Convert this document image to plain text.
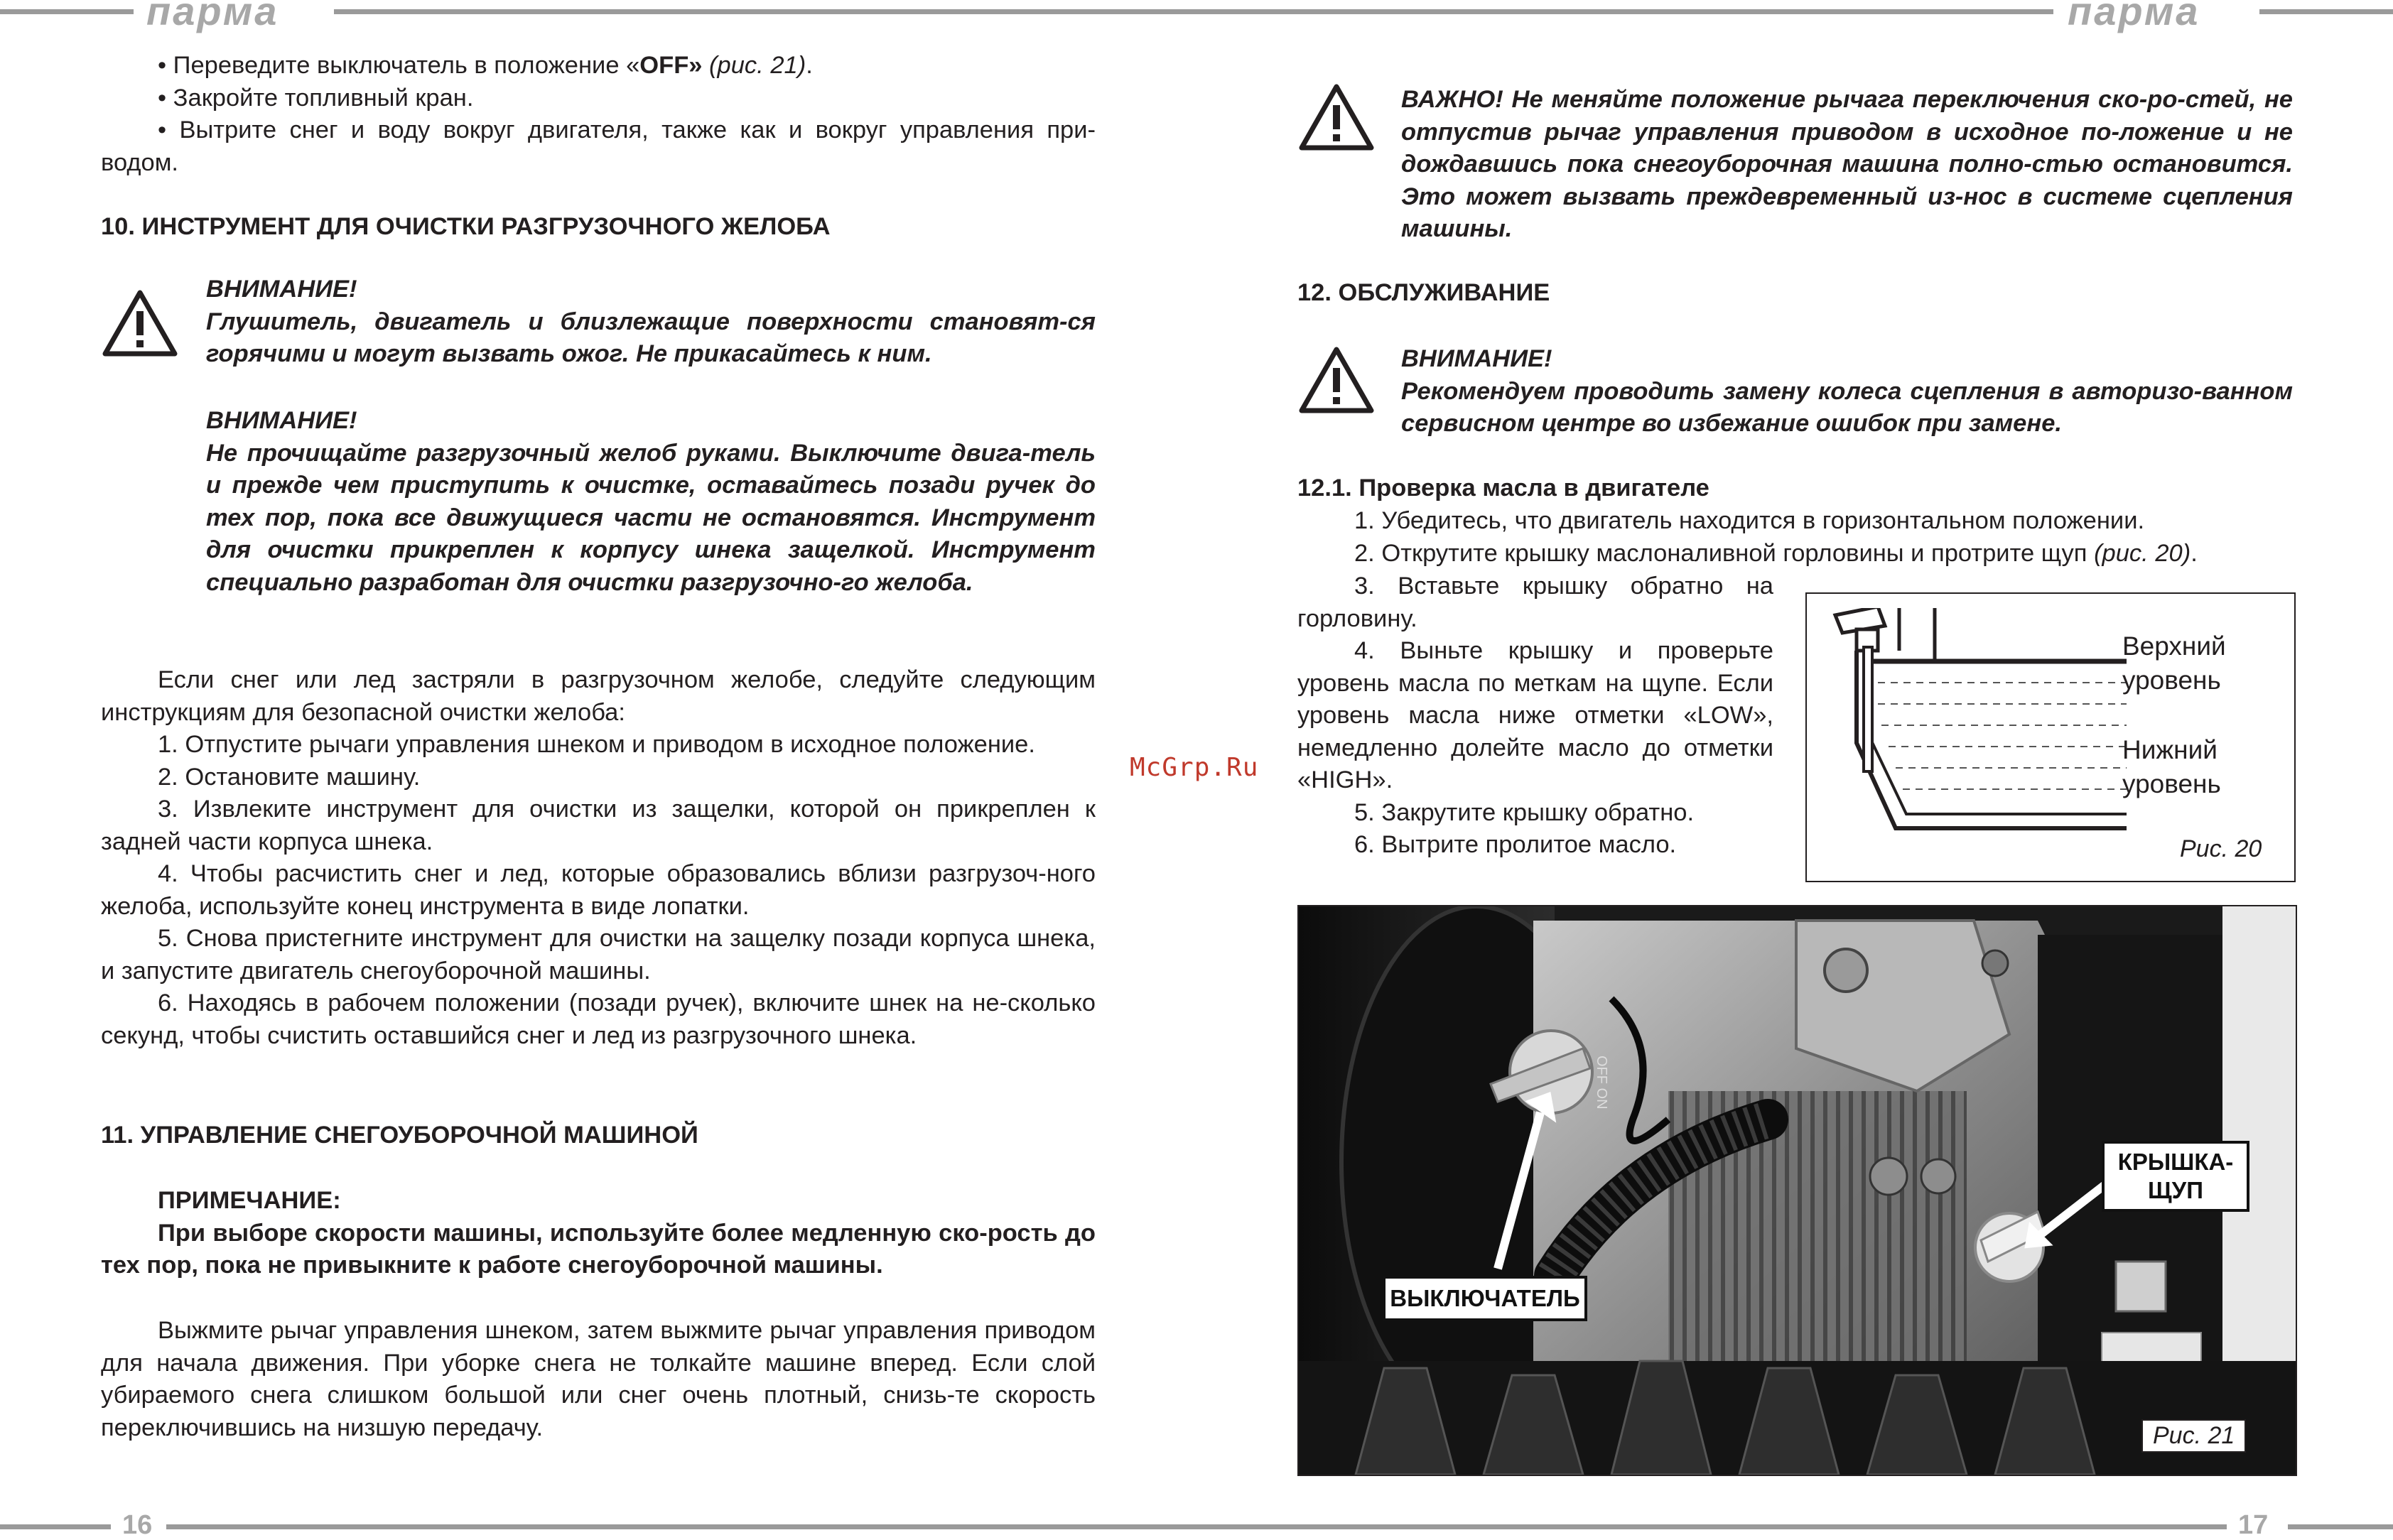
парма	парма
16	17

• Переведите выключатель в положение «OFF» (рис. 21).

• Закройте топливный кран.

• Вытрите снег и воду вокруг двигателя, также как и вокруг управления при-водом.

10. ИНСТРУМЕНТ ДЛЯ ОЧИСТКИ РАЗГРУЗОЧНОГО ЖЕЛОБА

ВНИМАНИЕ!

Глушитель, двигатель и близлежащие поверхности становят-ся горячими и могут вызвать ожог. Не прикасайтесь к ним.

ВНИМАНИЕ!

Не прочищайте разгрузочный желоб руками. Выключите двига-тель и прежде чем приступить к очистке, оставайтесь позади ручек до тех пор, пока все движущиеся части не остановятся. Инструмент для очистки прикреплен к корпусу шнека защелкой. Инструмент специально разработан для очистки разгрузочно-го желоба.

Если снег или лед застряли в разгрузочном желобе, следуйте следующим инструкциям для безопасной очистки желоба:

1. Отпустите рычаги управления шнеком и приводом в исходное положение.

2. Остановите машину.

3. Извлеките инструмент для очистки из защелки, которой он прикреплен к задней части корпуса шнека.

4. Чтобы расчистить снег и лед, которые образовались вблизи разгрузоч-ного желоба, используйте конец инструмента в виде лопатки.

5. Снова пристегните инструмент для очистки на защелку позади корпуса шнека, и запустите двигатель снегоуборочной машины.

6. Находясь в рабочем положении (позади ручек), включите шнек на не-сколько секунд, чтобы счистить оставшийся снег и лед из разгрузочного шнека.

11. УПРАВЛЕНИЕ СНЕГОУБОРОЧНОЙ МАШИНОЙ

ПРИМЕЧАНИЕ:

При выборе скорости машины, используйте более медленную ско-рость до тех пор, пока не привыкните к работе снегоуборочной машины.

Выжмите рычаг управления шнеком, затем выжмите рычаг управления приводом для начала движения. При уборке снега не толкайте машине вперед. Если слой убираемого снега слишком большой или снег очень плотный, снизь-те скорость переключившись на низшую передачу.

ВАЖНО! Не меняйте положение рычага переключения ско-ро-стей, не отпустив рычаг управления приводом в исходное по-ложение и не дождавшись пока снегоуборочная машина полно-стью остановится. Это может вызвать преждевременный из-нос в системе сцепления машины.
12. ОБСЛУЖИВАНИЕ

ВНИМАНИЕ!

Рекомендуем проводить замену колеса сцепления в авторизо-ванном сервисном центре во избежание ошибок при замене.

12.1. Проверка масла в двигателе

1. Убедитесь, что двигатель находится в горизонтальном положении.

2. Открутите крышку маслоналивной горловины и протрите щуп (рис. 20).

3. Вставьте крышку обратно на горловину.

4. Выньте крышку и проверьте уровень масла по меткам на щупе. Если уровень масла ниже отметки «LOW», немедленно долейте масло до отметки «HIGH».

5. Закрутите крышку обратно.

6. Вытрите пролитое масло.

Верхний уровень
Нижний уровень
Рис. 20
OFF ON
ВЫКЛЮЧАТЕЛЬ
КРЫШКА-ЩУП
Рис. 21
McGrp.Ru
